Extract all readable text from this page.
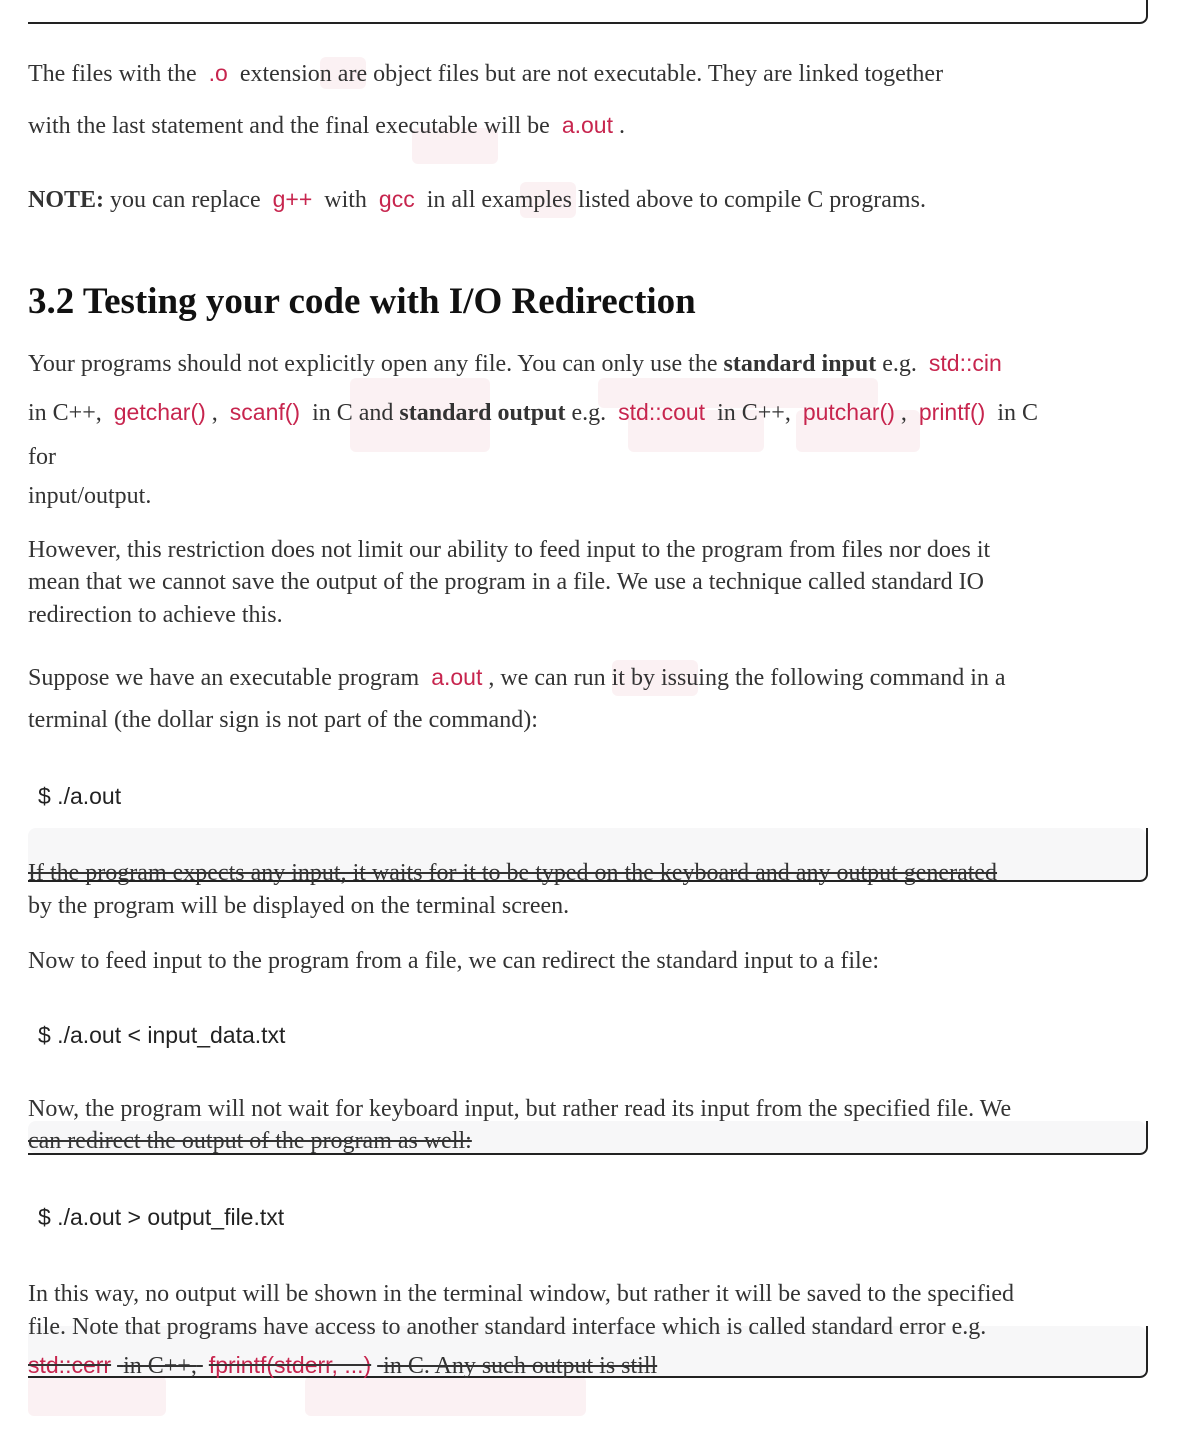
The files with the .o extension are object files but are not executable. They are linked together
with the last statement and the final executable will be a.out .
NOTE: you can replace g++ with gcc in all examples listed above to compile C programs.
3.2 Testing your code with I/O Redirection
Your programs should not explicitly open any file. You can only use the standard input e.g. std::cin
in C++, getchar() , scanf() in C and standard output e.g. std::cout in C++, putchar() , printf() in C
for
input/output.
However, this restriction does not limit our ability to feed input to the program from files nor does it
mean that we cannot save the output of the program in a file. We use a technique called standard IO
redirection to achieve this.
Suppose we have an executable program a.out , we can run it by issuing the following command in a
terminal (the dollar sign is not part of the command):
$ ./a.out
If the program expects any input, it waits for it to be typed on the keyboard and any output generated
by the program will be displayed on the terminal screen.
Now to feed input to the program from a file, we can redirect the standard input to a file:
$ ./a.out < input_data.txt
Now, the program will not wait for keyboard input, but rather read its input from the specified file. We
can redirect the output of the program as well:
$ ./a.out > output_file.txt
In this way, no output will be shown in the terminal window, but rather it will be saved to the specified
file. Note that programs have access to another standard interface which is called standard error e.g.
std::cerr in C++, fprintf(stderr, ...) in C. Any such output is still
